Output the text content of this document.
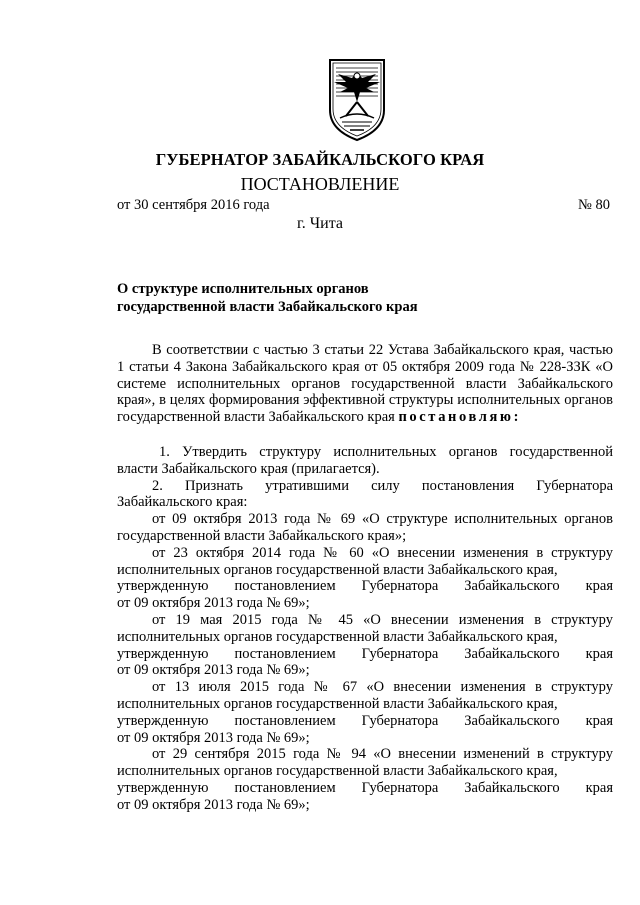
ГУБЕРНАТОР ЗАБАЙКАЛЬСКОГО КРАЯ
ПОСТАНОВЛЕНИЕ
от 30 сентября 2016 года	№ 80
г. Чита
О структуре исполнительных органов
государственной власти Забайкальского края

В соответствии с частью 3 статьи 22 Устава Забайкальского края, частью 1 статьи 4 Закона Забайкальского края от 05 октября 2009 года № 228-ЗЗК «О системе исполнительных органов государственной власти Забайкальского края», в целях формирования эффективной структуры исполнительных органов государственной власти Забайкальского края постановляю:

1. Утвердить структуру исполнительных органов государственной власти Забайкальского края (прилагается).

2. Признать утратившими силу постановления Губернатора Забайкальского края:

от 09 октября 2013 года № 69 «О структуре исполнительных органов государственной власти Забайкальского края»;

от 23 октября 2014 года № 60 «О внесении изменения в структуру исполнительных органов государственной власти Забайкальского края,

утвержденную постановлением Губернатора Забайкальского края
от 09 октября 2013 года № 69»;

от 19 мая 2015 года № 45 «О внесении изменения в структуру исполнительных органов государственной власти Забайкальского края,

утвержденную постановлением Губернатора Забайкальского края
от 09 октября 2013 года № 69»;

от 13 июля 2015 года № 67 «О внесении изменения в структуру исполнительных органов государственной власти Забайкальского края,

утвержденную постановлением Губернатора Забайкальского края
от 09 октября 2013 года № 69»;

от 29 сентября 2015 года № 94 «О внесении изменений в структуру исполнительных органов государственной власти Забайкальского края,

утвержденную постановлением Губернатора Забайкальского края
от 09 октября 2013 года № 69»;
